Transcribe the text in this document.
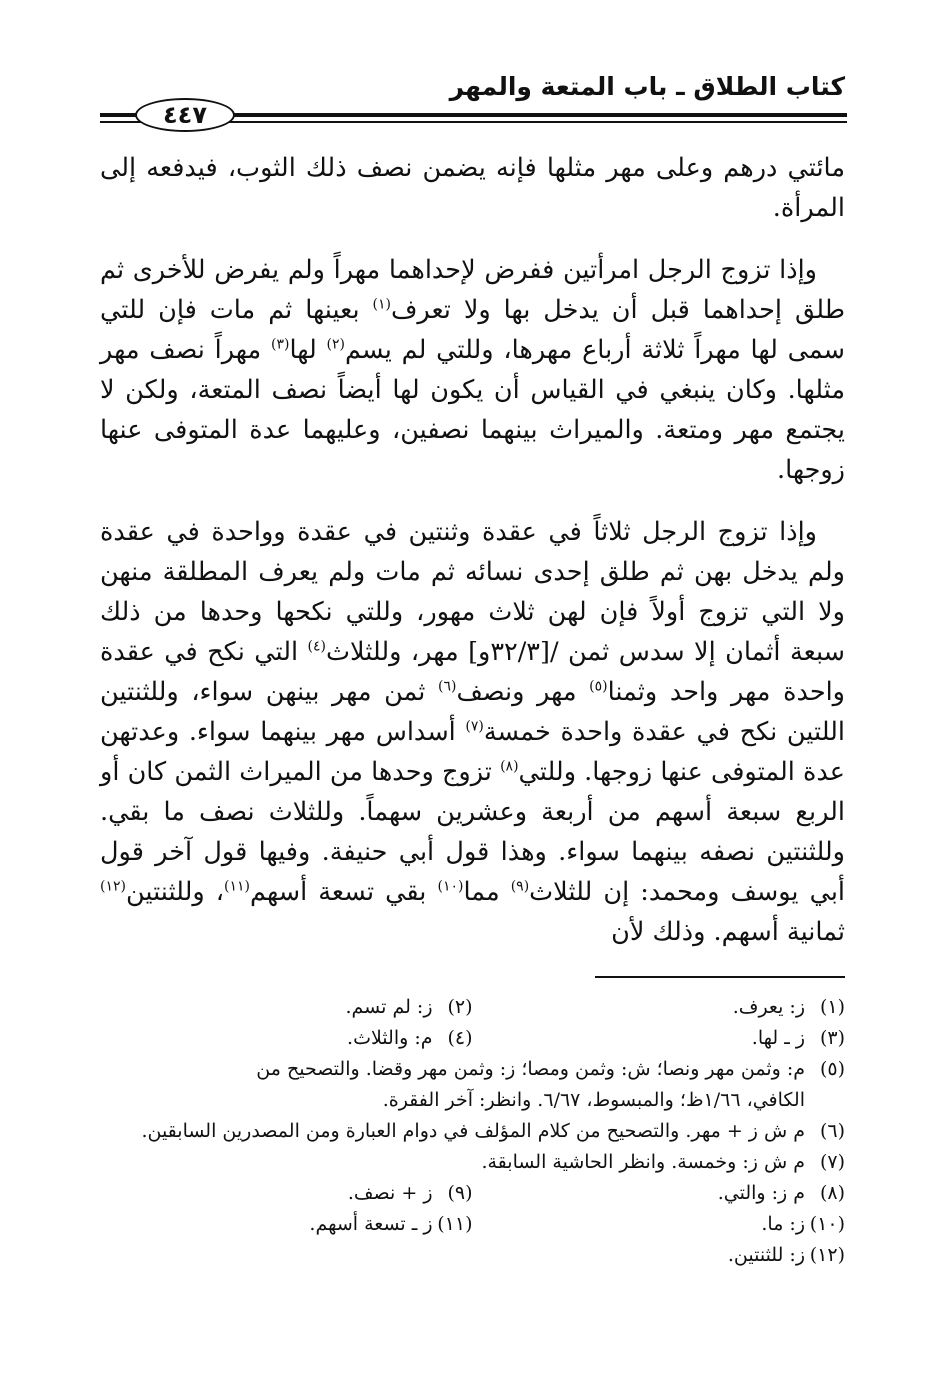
كتاب الطلاق ـ باب المتعة والمهر
٤٤٧

مائتي درهم وعلى مهر مثلها فإنه يضمن نصف ذلك الثوب، فيدفعه إلى المرأة.

وإذا تزوج الرجل امرأتين ففرض لإحداهما مهراً ولم يفرض للأخرى ثم طلق إحداهما قبل أن يدخل بها ولا تعرف$^{(١)}$ بعينها ثم مات فإن للتي سمى لها مهراً ثلاثة أرباع مهرها، وللتي لم يسم$^{(٢)}$ لها$^{(٣)}$ مهراً نصف مهر مثلها. وكان ينبغي في القياس أن يكون لها أيضاً نصف المتعة، ولكن لا يجتمع مهر ومتعة. والميراث بينهما نصفين، وعليهما عدة المتوفى عنها زوجها.

وإذا تزوج الرجل ثلاثاً في عقدة وثنتين في عقدة وواحدة في عقدة ولم يدخل بهن ثم طلق إحدى نسائه ثم مات ولم يعرف المطلقة منهن ولا التي تزوج أولاً فإن لهن ثلاث مهور، وللتي نكحها وحدها من ذلك سبعة أثمان إلا سدس ثمن /[٣٢/٣و] مهر، وللثلاث$^{(٤)}$ التي نكح في عقدة واحدة مهر واحد وثمنا$^{(٥)}$ مهر ونصف$^{(٦)}$ ثمن مهر بينهن سواء، وللثنتين اللتين نكح في عقدة واحدة خمسة$^{(٧)}$ أسداس مهر بينهما سواء. وعدتهن عدة المتوفى عنها زوجها. وللتي$^{(٨)}$ تزوج وحدها من الميراث الثمن كان أو الربع سبعة أسهم من أربعة وعشرين سهماً. وللثلاث نصف ما بقي. وللثنتين نصفه بينهما سواء. وهذا قول أبي حنيفة. وفيها قول آخر قول أبي يوسف ومحمد: إن للثلاث$^{(٩)}$ مما$^{(١٠)}$ بقي تسعة أسهم$^{(١١)}$، وللثنتين$^{(١٢)}$ ثمانية أسهم. وذلك لأن

(١)ز: يعرف.
(٢)ز: لم تسم.
(٣)ز ـ لها.
(٤)م: والثلاث.
(٥)م: وثمن مهر ونصا؛ ش: وثمن ومصا؛ ز: وثمن مهر وقضا. والتصحيح من
الكافي، ١/٦٦ظ؛ والمبسوط، ٦/٦٧. وانظر: آخر الفقرة.
(٦)م ش ز + مهر. والتصحيح من كلام المؤلف في دوام العبارة ومن المصدرين السابقين.
(٧)م ش ز: وخمسة. وانظر الحاشية السابقة.
(٨)م ز: والتي.
(٩)ز + نصف.
(١٠)ز: ما.
(١١)ز ـ تسعة أسهم.
(١٢)ز: للثنتين.
